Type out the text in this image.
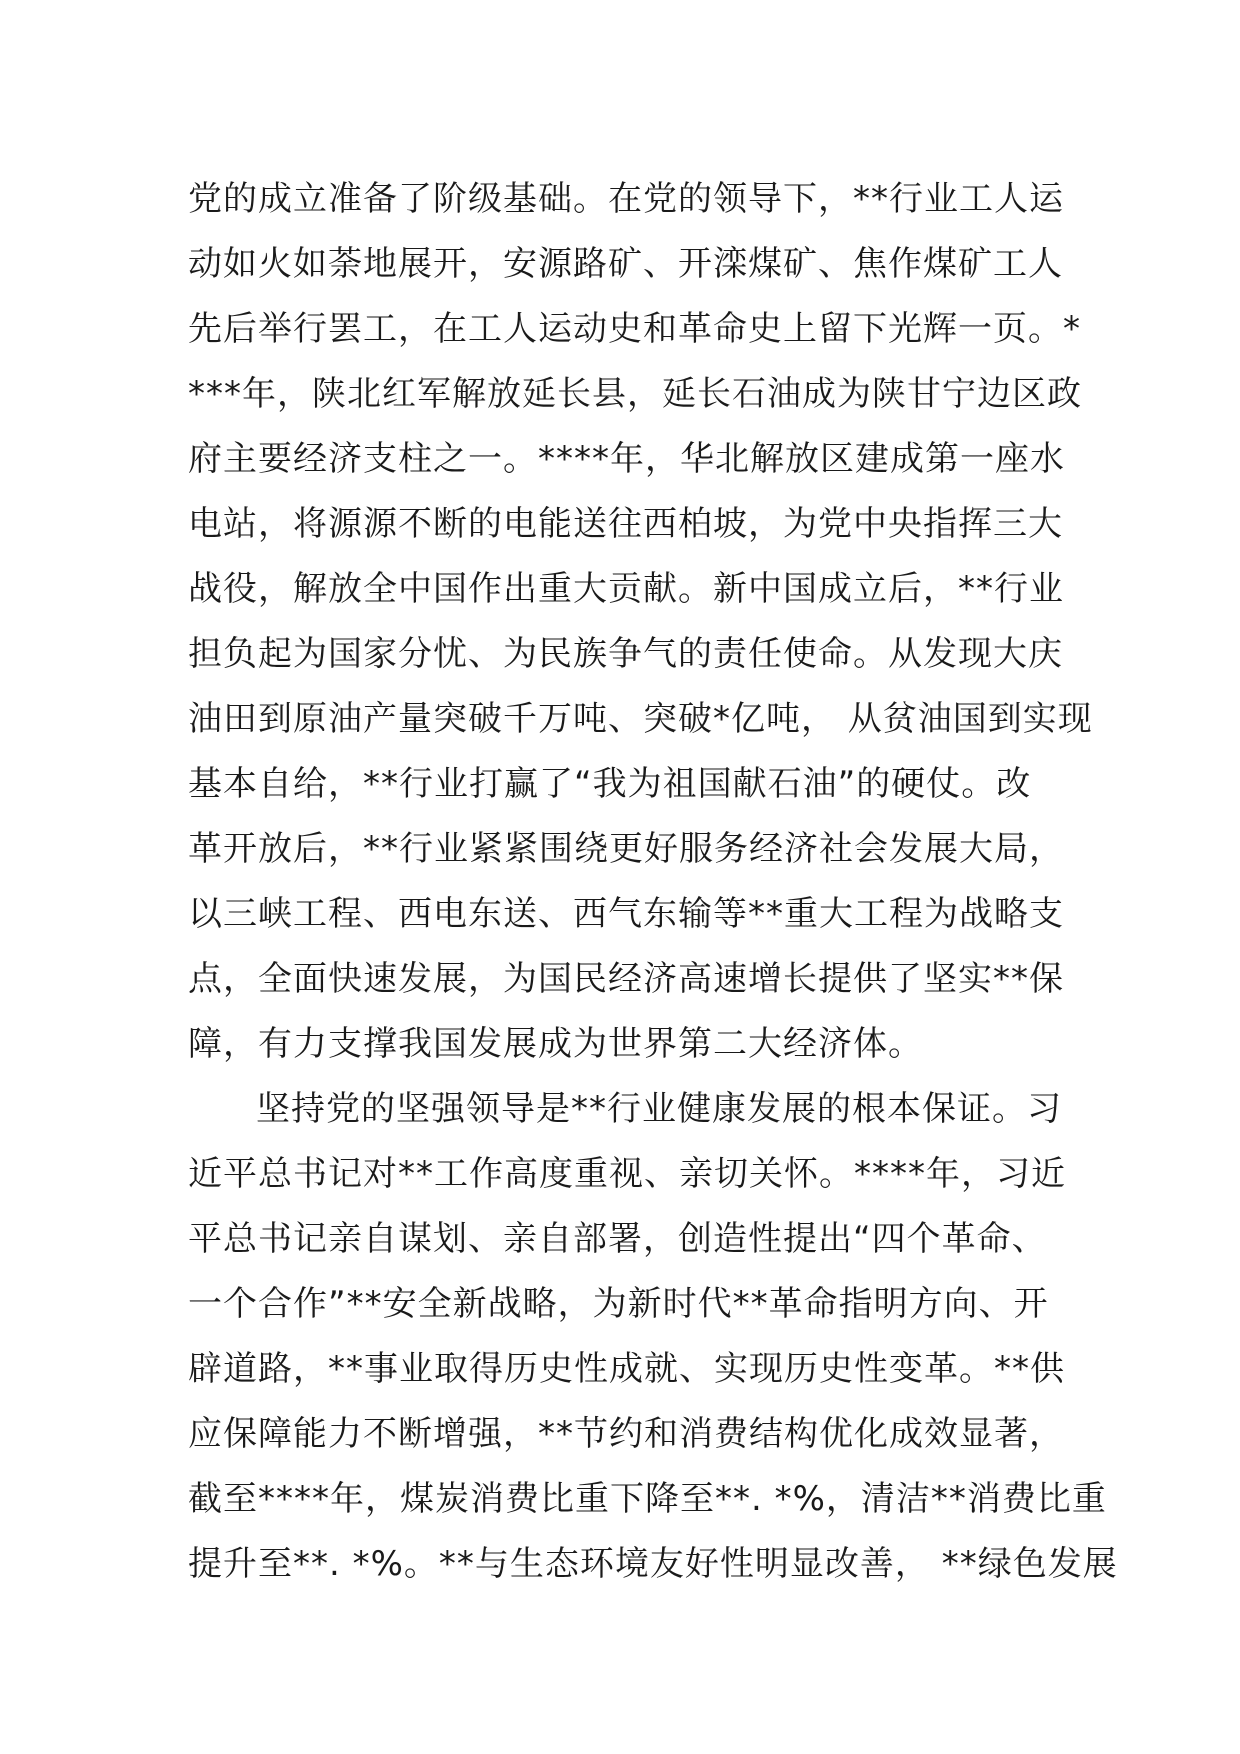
党的成立准备了阶级基础。在党的领导下，**行业工人运
动如火如荼地展开，安源路矿、开滦煤矿、焦作煤矿工人
先后举行罢工，在工人运动史和革命史上留下光辉一页。*
***年，陕北红军解放延长县，延长石油成为陕甘宁边区政
府主要经济支柱之一。****年，华北解放区建成第一座水
电站，将源源不断的电能送往西柏坡，为党中央指挥三大
战役，解放全中国作出重大贡献。新中国成立后，**行业
担负起为国家分忧、为民族争气的责任使命。从发现大庆
油田到原油产量突破千万吨、突破*亿吨， 从贫油国到实现
基本自给，**行业打赢了“我为祖国献石油”的硬仗。改
革开放后，**行业紧紧围绕更好服务经济社会发展大局，
以三峡工程、西电东送、西气东输等**重大工程为战略支
点，全面快速发展，为国民经济高速增长提供了坚实**保
障，有力支撑我国发展成为世界第二大经济体。
坚持党的坚强领导是**行业健康发展的根本保证。习
近平总书记对**工作高度重视、亲切关怀。****年，习近
平总书记亲自谋划、亲自部署，创造性提出“四个革命、
一个合作”**安全新战略，为新时代**革命指明方向、开
辟道路，**事业取得历史性成就、实现历史性变革。**供
应保障能力不断增强，**节约和消费结构优化成效显著，
截至****年，煤炭消费比重下降至**. *%，清洁**消费比重
提升至**. *%。**与生态环境友好性明显改善， **绿色发展
